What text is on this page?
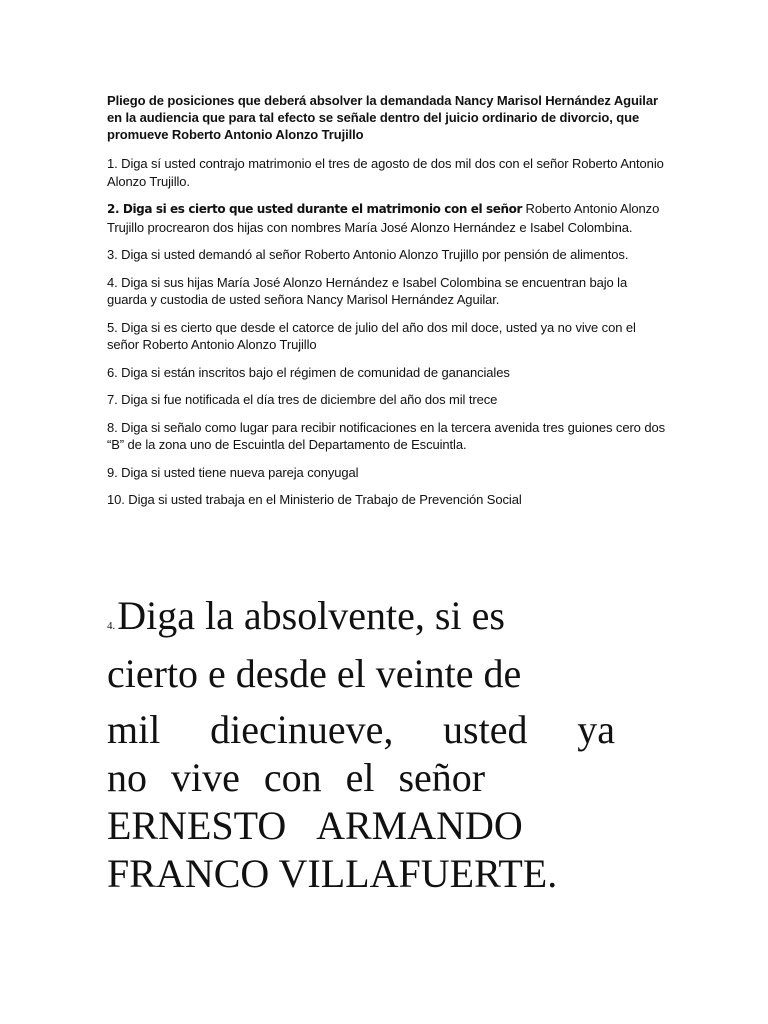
Pliego de posiciones que deberá absolver la demandada Nancy Marisol Hernández Aguilar en la audiencia que para tal efecto se señale dentro del juicio ordinario de divorcio, que promueve Roberto Antonio Alonzo Trujillo

1. Diga sí usted contrajo matrimonio el tres de agosto de dos mil dos con el señor Roberto Antonio Alonzo Trujillo.

2. Diga si es cierto que usted durante el matrimonio con el señor Roberto Antonio Alonzo Trujillo procrearon dos hijas con nombres María José Alonzo Hernández e Isabel Colombina.

3. Diga si usted demandó al señor Roberto Antonio Alonzo Trujillo por pensión de alimentos.

4. Diga si sus hijas María José Alonzo Hernández e Isabel Colombina se encuentran bajo la guarda y custodia de usted señora Nancy Marisol Hernández Aguilar.

5. Diga si es cierto que desde el catorce de julio del año dos mil doce, usted ya no vive con el señor Roberto Antonio Alonzo Trujillo

6. Diga si están inscritos bajo el régimen de comunidad de gananciales

7. Diga si fue notificada el día tres de diciembre del año dos mil trece

8. Diga si señalo como lugar para recibir notificaciones en la tercera avenida tres guiones cero dos “B” de la zona uno de Escuintla del Departamento de Escuintla.

9. Diga si usted tiene nueva pareja conyugal

10. Diga si usted trabaja en el Ministerio de Trabajo de Prevención Social

4.Diga la absolvente, si es
cierto e desde el veinte de
mil diecinueve, usted ya
no vive con el señor
ERNESTO ARMANDO
FRANCO VILLAFUERTE.
